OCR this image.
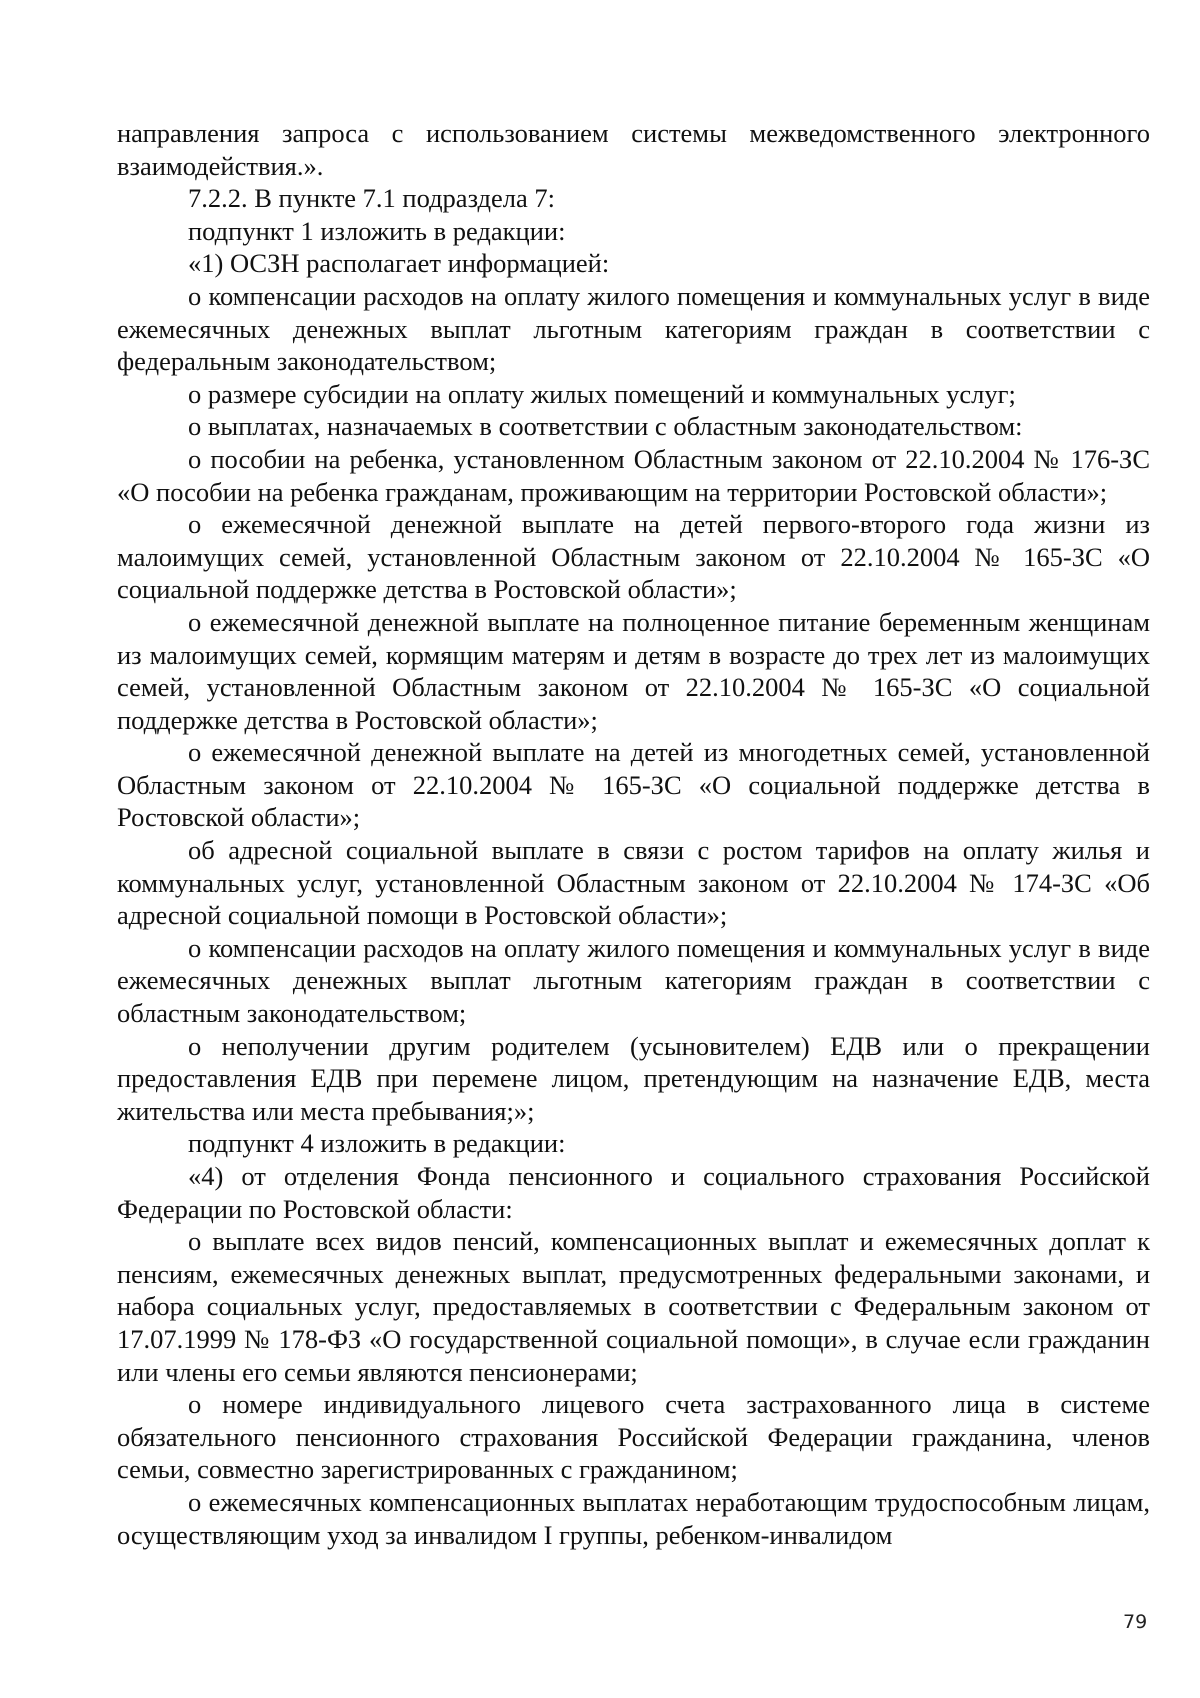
направления запроса с использованием системы межведомственного электронного взаимодействия.».

7.2.2. В пункте 7.1 подраздела 7:

подпункт 1 изложить в редакции:

«1) ОСЗН располагает информацией:

о компенсации расходов на оплату жилого помещения и коммунальных услуг в виде ежемесячных денежных выплат льготным категориям граждан в соответствии с федеральным законодательством;

о размере субсидии на оплату жилых помещений и коммунальных услуг;

о выплатах, назначаемых в соответствии с областным законодательством:

о пособии на ребенка, установленном Областным законом от 22.10.2004 № 176-ЗС «О пособии на ребенка гражданам, проживающим на территории Ростовской области»;

о ежемесячной денежной выплате на детей первого-второго года жизни из малоимущих семей, установленной Областным законом от 22.10.2004 № 165-ЗС «О социальной поддержке детства в Ростовской области»;

о ежемесячной денежной выплате на полноценное питание беременным женщинам из малоимущих семей, кормящим матерям и детям в возрасте до трех лет из малоимущих семей, установленной Областным законом от 22.10.2004 № 165-ЗС «О социальной поддержке детства в Ростовской области»;

о ежемесячной денежной выплате на детей из многодетных семей, установленной Областным законом от 22.10.2004 № 165-ЗС «О социальной поддержке детства в Ростовской области»;

об адресной социальной выплате в связи с ростом тарифов на оплату жилья и коммунальных услуг, установленной Областным законом от 22.10.2004 № 174-ЗС «Об адресной социальной помощи в Ростовской области»;

о компенсации расходов на оплату жилого помещения и коммунальных услуг в виде ежемесячных денежных выплат льготным категориям граждан в соответствии с областным законодательством;

о неполучении другим родителем (усыновителем) ЕДВ или о прекращении предоставления ЕДВ при перемене лицом, претендующим на назначение ЕДВ, места жительства или места пребывания;»;

подпункт 4 изложить в редакции:

«4) от отделения Фонда пенсионного и социального страхования Российской Федерации по Ростовской области:

о выплате всех видов пенсий, компенсационных выплат и ежемесячных доплат к пенсиям, ежемесячных денежных выплат, предусмотренных федеральными законами, и набора социальных услуг, предоставляемых в соответствии с Федеральным законом от 17.07.1999 № 178-ФЗ «О государственной социальной помощи», в случае если гражданин или члены его семьи являются пенсионерами;

о номере индивидуального лицевого счета застрахованного лица в системе обязательного пенсионного страхования Российской Федерации гражданина, членов семьи, совместно зарегистрированных с гражданином;

о ежемесячных компенсационных выплатах неработающим трудоспособным лицам, осуществляющим уход за инвалидом I группы, ребенком-инвалидом

79
